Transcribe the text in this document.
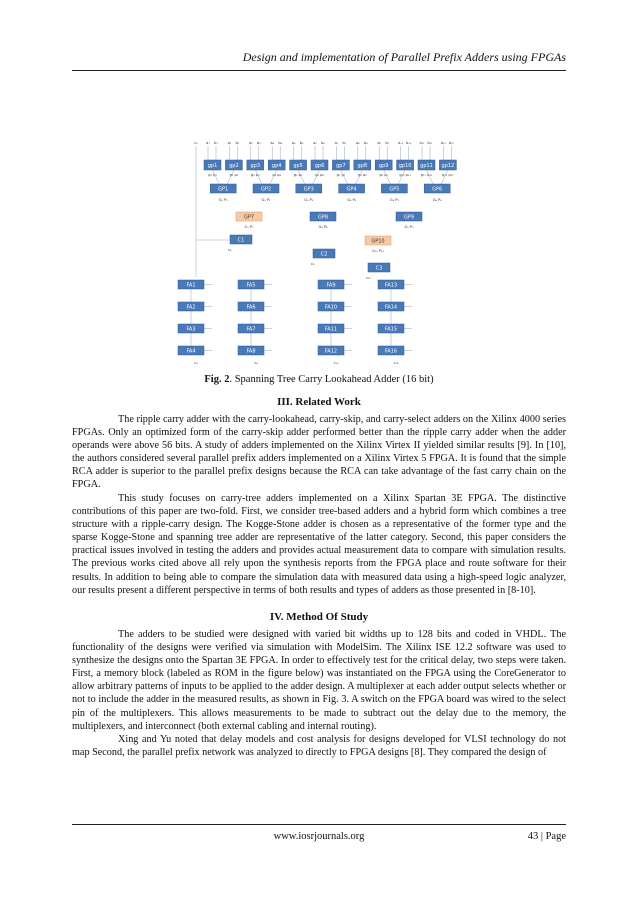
Design and implementation of Parallel Prefix Adders using FPGAs
c₀ a₁ b₁
gp1
g₁ p₁
a₂ b₂
gp2
g₂ p₂
a₃ b₃
gp3
g₃ p₃
a₄ b₄
gp4
g₄ p₄
a₅ b₅
gp5
g₅ p₅
a₆ b₆
gp6
g₆ p₆
a₇ b₇
gp7
g₇ p₇
a₈ b₈
gp8
g₈ p₈
a₉ b₉
gp9
g₉ p₉
a₁₀ b₁₀
gp10
g₁₀ p₁₀
a₁₁ b₁₁
gp11
g₁₁ p₁₁
a₁₂ b₁₂
gp12
g₁₂ p₁₂
GP1
G₁ P₁
GP2
G₂ P₂
GP3
G₃ P₃
GP4
G₄ P₄
GP5
G₅ P₅
GP6
G₆ P₆
GP7	GP8	GP9
G₇ P₇	G₈ P₈	G₉ P₉
GP10
G₁₀ P₁₀
C1
c₄
C2
c₈
C3
c₁₂
FA1
FA2
FA3
FA4
c₄
FA5
FA6
FA7
FA8
c₈
FA9
FA10
FA11
FA12
c₁₂
FA13
FA14
FA15
FA16
c₁₆
Fig. 2. Spanning Tree Carry Lookahead Adder (16 bit)
III. Related Work

The ripple carry adder with the carry-lookahead, carry-skip, and carry-select adders on the Xilinx 4000 series FPGAs. Only an optimized form of the carry-skip adder performed better than the ripple carry adder when the adder operands were above 56 bits. A study of adders implemented on the Xilinx Virtex II yielded similar results [9]. In [10], the authors considered several parallel prefix adders implemented on a Xilinx Virtex 5 FPGA. It is found that the simple RCA adder is superior to the parallel prefix designs because the RCA can take advantage of the fast carry chain on the FPGA.

This study focuses on carry-tree adders implemented on a Xilinx Spartan 3E FPGA. The distinctive contributions of this paper are two-fold. First, we consider tree-based adders and a hybrid form which combines a tree structure with a ripple-carry design. The Kogge-Stone adder is chosen as a representative of the former type and the sparse Kogge-Stone and spanning tree adder are representative of the latter category. Second, this paper considers the practical issues involved in testing the adders and provides actual measurement data to compare with simulation results. The previous works cited above all rely upon the synthesis reports from the FPGA place and route software for their results. In addition to being able to compare the simulation data with measured data using a high-speed logic analyzer, our results present a different perspective in terms of both results and types of adders as those presented in [8-10].

IV. Method Of Study

The adders to be studied were designed with varied bit widths up to 128 bits and coded in VHDL. The functionality of the designs were verified via simulation with ModelSim. The Xilinx ISE 12.2 software was used to synthesize the designs onto the Spartan 3E FPGA. In order to effectively test for the critical delay, two steps were taken. First, a memory block (labeled as ROM in the figure below) was instantiated on the FPGA using the CoreGenerator to allow arbitrary patterns of inputs to be applied to the adder design. A multiplexer at each adder output selects whether or not to include the adder in the measured results, as shown in Fig. 3. A switch on the FPGA board was wired to the select pin of the multiplexers. This allows measurements to be made to subtract out the delay due to the memory, the multiplexers, and interconnect (both external cabling and internal routing).

Xing and Yu noted that delay models and cost analysis for designs developed for VLSI technology do not map Second, the parallel prefix network was analyzed to directly to FPGA designs [8]. They compared the design of

www.iosrjournals.org	43 | Page
